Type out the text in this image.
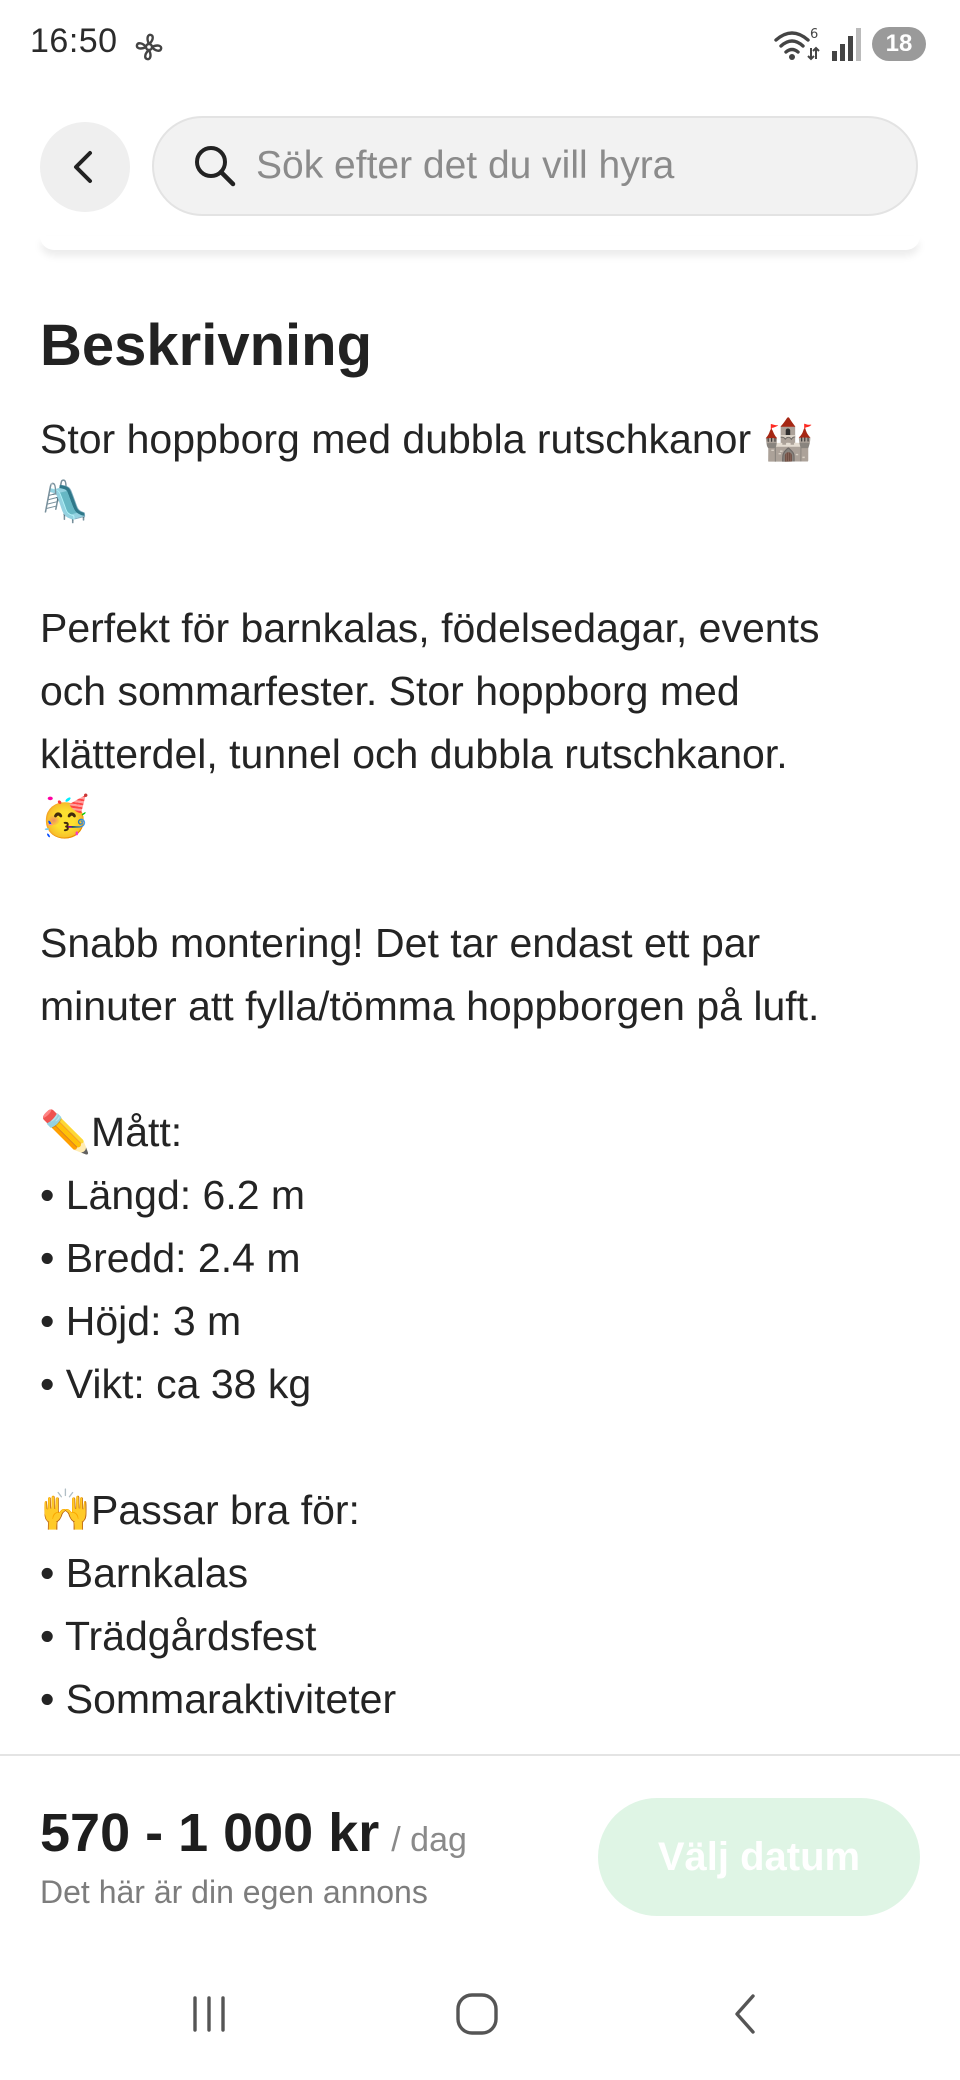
16:50	6	18
Sök efter det du vill hyra
Beskrivning
Stor hoppborg med dubbla rutschkanor 🏰
🛝
Perfekt för barnkalas, födelsedagar, events
och sommarfester. Stor hoppborg med
klätterdel, tunnel och dubbla rutschkanor.
🥳
Snabb montering! Det tar endast ett par
minuter att fylla/tömma hoppborgen på luft.
✏️Mått:
• Längd: 6.2 m
• Bredd: 2.4 m
• Höjd: 3 m
• Vikt: ca 38 kg
🙌Passar bra för:
• Barnkalas
• Trädgårdsfest
• Sommaraktiviteter
570 - 1 000 kr / dag
Det här är din egen annons
Välj datum
